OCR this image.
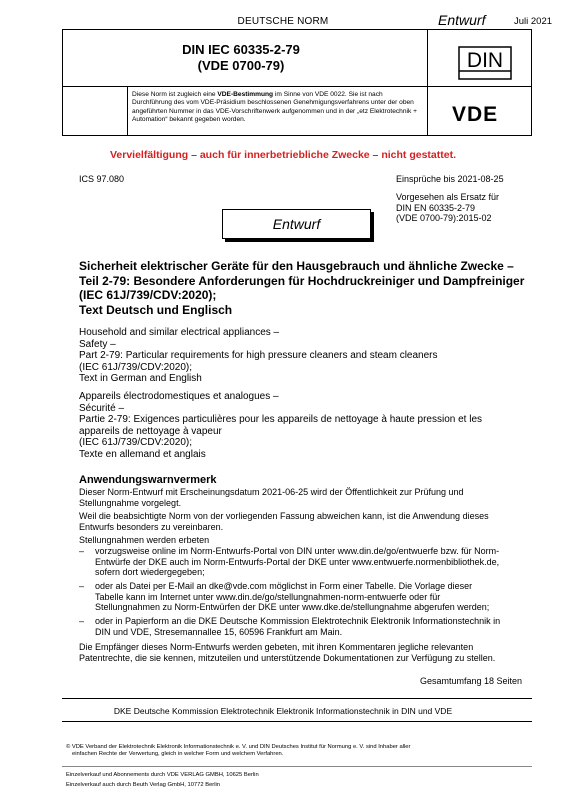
DEUTSCHE NORM	Entwurf	Juli 2021
DIN IEC 60335-2-79
(VDE 0700-79)	DIN
Diese Norm ist zugleich eine VDE-Bestimmung im Sinne von VDE 0022. Sie ist nach Durchführung des vom VDE-Präsidium beschlossenen Genehmigungsverfahrens unter der oben angeführten Nummer in das VDE-Vorschriftenwerk aufgenommen und in der „etz Elektrotechnik + Automation“ bekannt gegeben worden.	VDE
Vervielfältigung – auch für innerbetriebliche Zwecke – nicht gestattet.
ICS 97.080	Einsprüche bis 2021-08-25
Vorgesehen als Ersatz für
DIN EN 60335-2-79
(VDE 0700-79):2015-02
Entwurf
Sicherheit elektrischer Geräte für den Hausgebrauch und ähnliche Zwecke –
Teil 2-79: Besondere Anforderungen für Hochdruckreiniger und Dampfreiniger
(IEC 61J/739/CDV:2020);
Text Deutsch und Englisch
Household and similar electrical appliances –
Safety –
Part 2-79: Particular requirements for high pressure cleaners and steam cleaners
(IEC 61J/739/CDV:2020);
Text in German and English
Appareils électrodomestiques et analogues –
Sécurité –
Partie 2-79: Exigences particulières pour les appareils de nettoyage à haute pression et les
appareils de nettoyage à vapeur
(IEC 61J/739/CDV:2020);
Texte en allemand et anglais
Anwendungswarnvermerk
Dieser Norm-Entwurf mit Erscheinungsdatum 2021-06-25 wird der Öffentlichkeit zur Prüfung und
Stellungnahme vorgelegt.
Weil die beabsichtigte Norm von der vorliegenden Fassung abweichen kann, ist die Anwendung dieses
Entwurfs besonders zu vereinbaren.
Stellungnahmen werden erbeten
– vorzugsweise online im Norm-Entwurfs-Portal von DIN unter www.din.de/go/entwuerfe bzw. für Norm-
Entwürfe der DKE auch im Norm-Entwurfs-Portal der DKE unter www.entwuerfe.normenbibliothek.de,
sofern dort wiedergegeben;
– oder als Datei per E-Mail an dke@vde.com möglichst in Form einer Tabelle. Die Vorlage dieser
Tabelle kann im Internet unter www.din.de/go/stellungnahmen-norm-entwuerfe oder für
Stellungnahmen zu Norm-Entwürfen der DKE unter www.dke.de/stellungnahme abgerufen werden;
– oder in Papierform an die DKE Deutsche Kommission Elektrotechnik Elektronik Informationstechnik in
DIN und VDE, Stresemannallee 15, 60596 Frankfurt am Main.
Die Empfänger dieses Norm-Entwurfs werden gebeten, mit ihren Kommentaren jegliche relevanten
Patentrechte, die sie kennen, mitzuteilen und unterstützende Dokumentationen zur Verfügung zu stellen.
Gesamtumfang 18 Seiten
DKE Deutsche Kommission Elektrotechnik Elektronik Informationstechnik in DIN und VDE
© VDE Verband der Elektrotechnik Elektronik Informationstechnik e. V. und DIN Deutsches Institut für Normung e. V. sind Inhaber aller
einfachen Rechte der Verwertung, gleich in welcher Form und welchem Verfahren.
Einzelverkauf und Abonnements durch VDE VERLAG GMBH, 10625 Berlin
Einzelverkauf auch durch Beuth Verlag GmbH, 10772 Berlin
